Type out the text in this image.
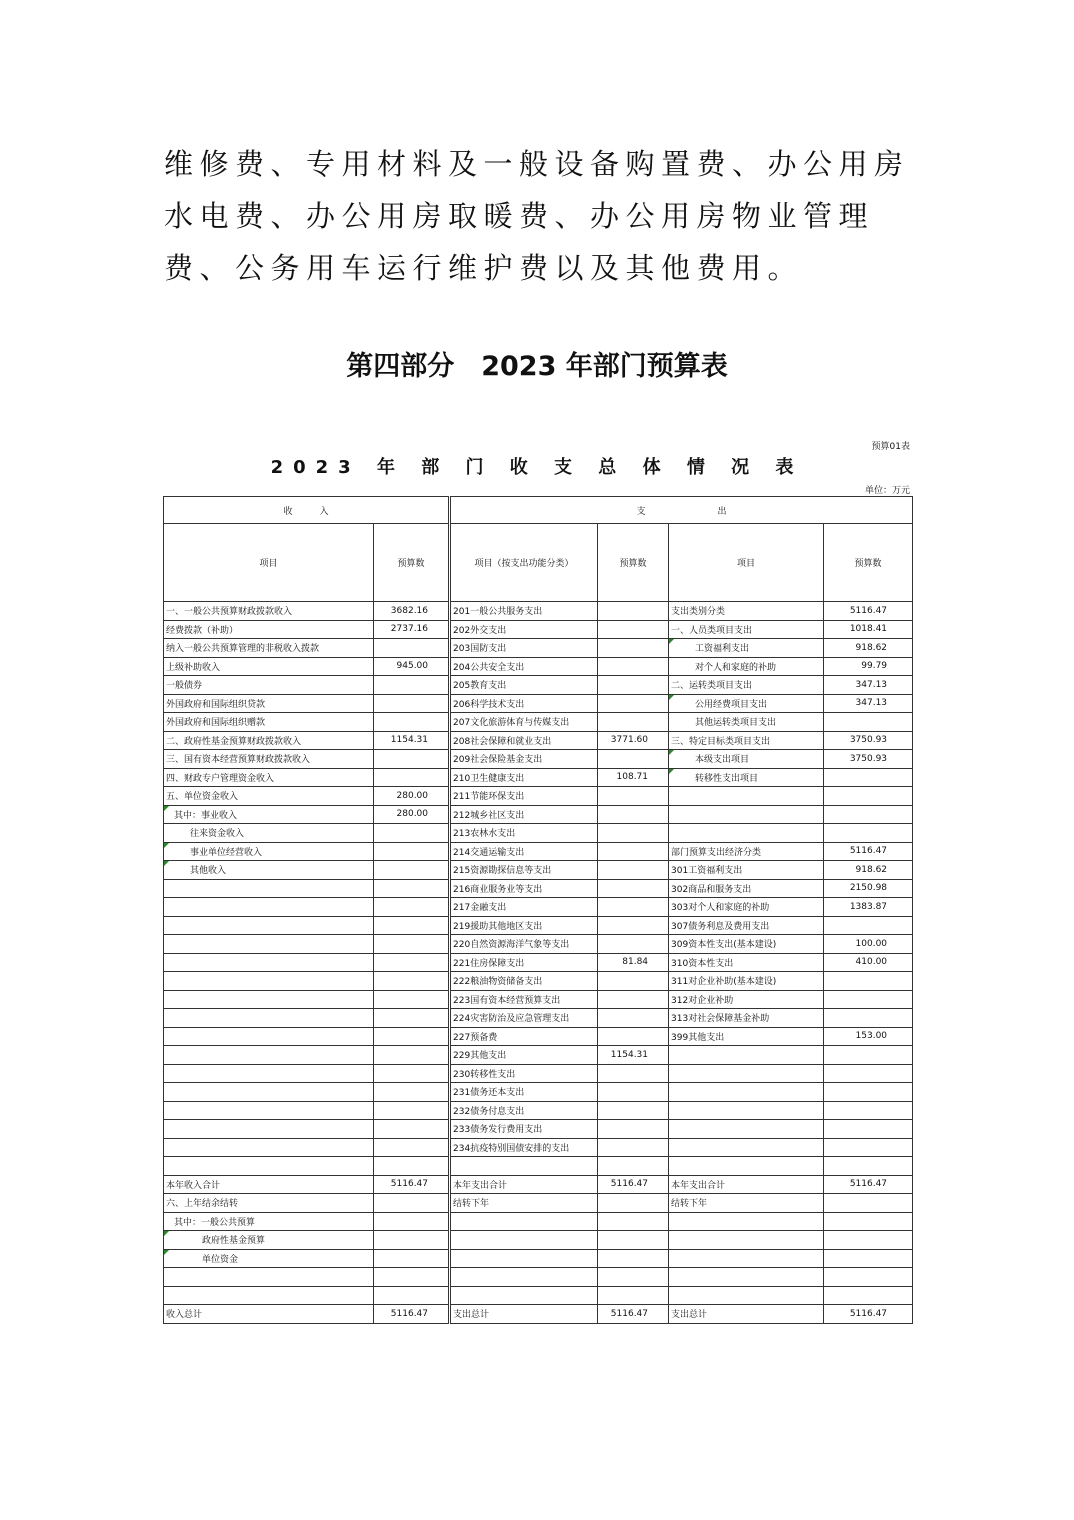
维修费、专用材料及一般设备购置费、办公用房水电费、办公用房取暖费、办公用房物业管理费、公务用车运行维护费以及其他费用。

第四部分　2023 年部门预算表
预算01表
2023 年 部 门 收 支 总 体 情 况 表
单位：万元
收　　　入		支　　　　　　　　出			
项目	预算数	项目（按支出功能分类）	预算数	项目	预算数
一、一般公共预算财政拨款收入	3682.16	201一般公共服务支出		支出类别分类	5116.47
经费拨款（补助）	2737.16	202外交支出		一、人员类项目支出	1018.41
纳入一般公共预算管理的非税收入拨款		203国防支出		工资福利支出	918.62
上级补助收入	945.00	204公共安全支出		对个人和家庭的补助	99.79
一般债券		205教育支出		二、运转类项目支出	347.13
外国政府和国际组织贷款		206科学技术支出		公用经费项目支出	347.13
外国政府和国际组织赠款		207文化旅游体育与传媒支出		其他运转类项目支出	
二、政府性基金预算财政拨款收入	1154.31	208社会保障和就业支出	3771.60	三、特定目标类项目支出	3750.93
三、国有资本经营预算财政拨款收入		209社会保险基金支出		本级支出项目	3750.93
四、财政专户管理资金收入		210卫生健康支出	108.71	转移性支出项目	
五、单位资金收入	280.00	211节能环保支出			
其中：事业收入	280.00	212城乡社区支出			
往来资金收入		213农林水支出			
事业单位经营收入		214交通运输支出		部门预算支出经济分类	5116.47
其他收入		215资源勘探信息等支出		301工资福利支出	918.62
		216商业服务业等支出		302商品和服务支出	2150.98
		217金融支出		303对个人和家庭的补助	1383.87
		219援助其他地区支出		307债务利息及费用支出	
		220自然资源海洋气象等支出		309资本性支出(基本建设)	100.00
		221住房保障支出	81.84	310资本性支出	410.00
		222粮油物资储备支出		311对企业补助(基本建设)	
		223国有资本经营预算支出		312对企业补助	
		224灾害防治及应急管理支出		313对社会保障基金补助	
		227预备费		399其他支出	153.00
		229其他支出	1154.31		
		230转移性支出			
		231债务还本支出			
		232债务付息支出			
		233债务发行费用支出			
		234抗疫特别国债安排的支出			

本年收入合计	5116.47	本年支出合计	5116.47	本年支出合计	5116.47
六、上年结余结转		结转下年		结转下年	
其中：一般公共预算					
政府性基金预算					
单位资金					

收入总计	5116.47	支出总计	5116.47	支出总计	5116.47
